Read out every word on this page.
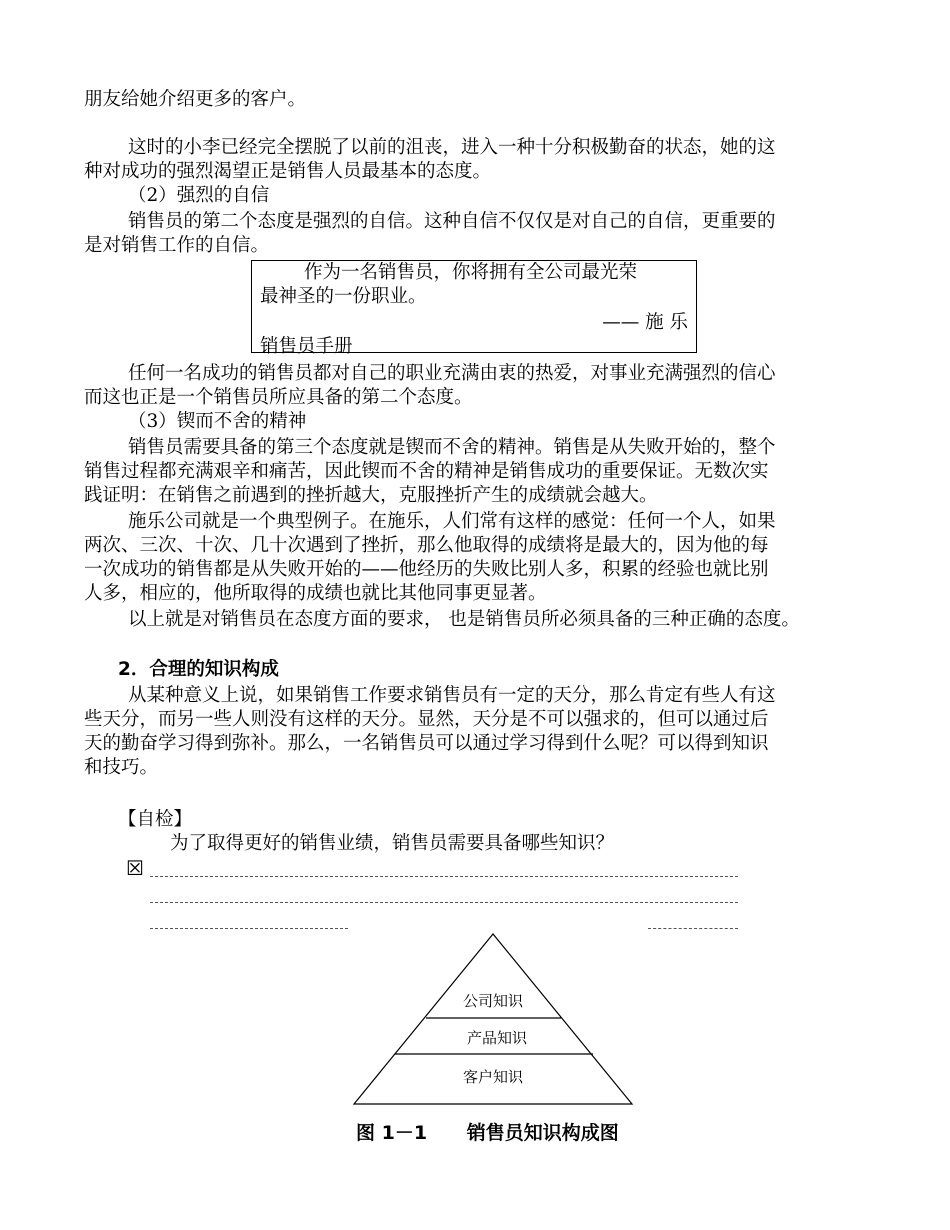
朋友给她介绍更多的客户。
这时的小李已经完全摆脱了以前的沮丧，进入一种十分积极勤奋的状态，她的这
种对成功的强烈渴望正是销售人员最基本的态度。
（2）强烈的自信
销售员的第二个态度是强烈的自信。这种自信不仅仅是对自己的自信，更重要的
是对销售工作的自信。
作为一名销售员，你将拥有全公司最光荣
最神圣的一份职业。
—— 施 乐
销售员手册
任何一名成功的销售员都对自己的职业充满由衷的热爱，对事业充满强烈的信心
而这也正是一个销售员所应具备的第二个态度。
（3）锲而不舍的精神
销售员需要具备的第三个态度就是锲而不舍的精神。销售是从失败开始的，整个
销售过程都充满艰辛和痛苦，因此锲而不舍的精神是销售成功的重要保证。无数次实
践证明：在销售之前遇到的挫折越大，克服挫折产生的成绩就会越大。
施乐公司就是一个典型例子。在施乐，人们常有这样的感觉：任何一个人，如果
两次、三次、十次、几十次遇到了挫折，那么他取得的成绩将是最大的，因为他的每
一次成功的销售都是从失败开始的——他经历的失败比别人多，积累的经验也就比别
人多，相应的，他所取得的成绩也就比其他同事更显著。
以上就是对销售员在态度方面的要求， 也是销售员所必须具备的三种正确的态度。
2．合理的知识构成
从某种意义上说，如果销售工作要求销售员有一定的天分，那么肯定有些人有这
些天分，而另一些人则没有这样的天分。显然，天分是不可以强求的，但可以通过后
天的勤奋学习得到弥补。那么，一名销售员可以通过学习得到什么呢？可以得到知识
和技巧。
【自检】
为了取得更好的销售业绩，销售员需要具备哪些知识？
☒
公司知识
产品知识
客户知识
图 1－1      销售员知识构成图
